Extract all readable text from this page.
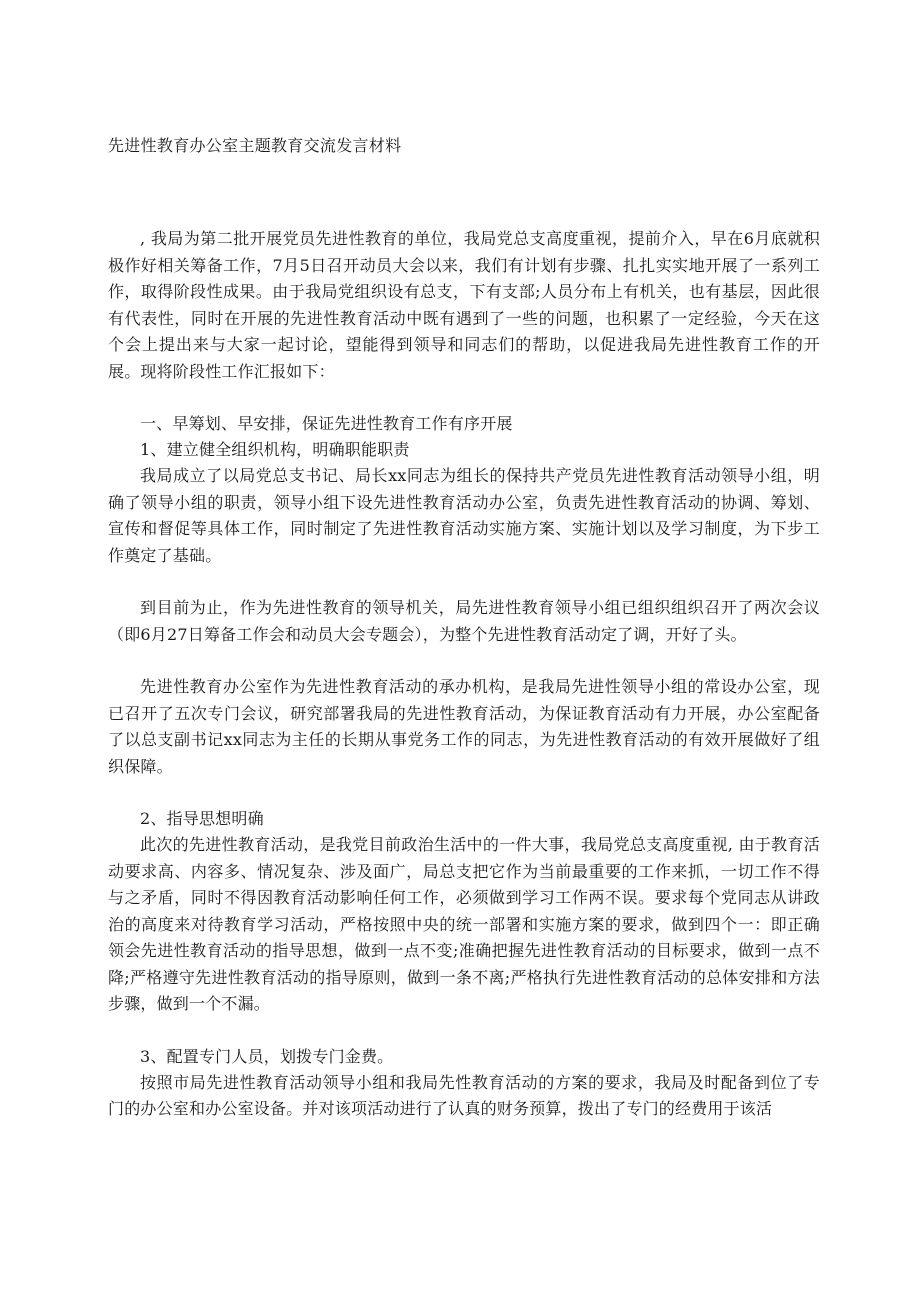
先进性教育办公室主题教育交流发言材料

, 我局为第二批开展党员先进性教育的单位，我局党总支高度重视，提前介入，早在6月底就积极作好相关筹备工作，7月5日召开动员大会以来，我们有计划有步骤、扎扎实实地开展了一系列工作，取得阶段性成果。由于我局党组织设有总支，下有支部;人员分布上有机关，也有基层，因此很有代表性，同时在开展的先进性教育活动中既有遇到了一些的问题，也积累了一定经验，今天在这个会上提出来与大家一起讨论，望能得到领导和同志们的帮助，以促进我局先进性教育工作的开展。现将阶段性工作汇报如下：

一、早筹划、早安排，保证先进性教育工作有序开展

1、建立健全组织机构，明确职能职责

我局成立了以局党总支书记、局长xx同志为组长的保持共产党员先进性教育活动领导小组，明确了领导小组的职责，领导小组下设先进性教育活动办公室，负责先进性教育活动的协调、筹划、宣传和督促等具体工作，同时制定了先进性教育活动实施方案、实施计划以及学习制度，为下步工作奠定了基础。

到目前为止，作为先进性教育的领导机关，局先进性教育领导小组已组织组织召开了两次会议（即6月27日筹备工作会和动员大会专题会），为整个先进性教育活动定了调，开好了头。

先进性教育办公室作为先进性教育活动的承办机构，是我局先进性领导小组的常设办公室，现已召开了五次专门会议，研究部署我局的先进性教育活动，为保证教育活动有力开展，办公室配备了以总支副书记xx同志为主任的长期从事党务工作的同志，为先进性教育活动的有效开展做好了组织保障。

2、指导思想明确

此次的先进性教育活动，是我党目前政治生活中的一件大事，我局党总支高度重视, 由于教育活动要求高、内容多、情况复杂、涉及面广，局总支把它作为当前最重要的工作来抓，一切工作不得与之矛盾，同时不得因教育活动影响任何工作，必须做到学习工作两不误。要求每个党同志从讲政治的高度来对待教育学习活动，严格按照中央的统一部署和实施方案的要求，做到四个一：即正确领会先进性教育活动的指导思想，做到一点不变;准确把握先进性教育活动的目标要求，做到一点不降;严格遵守先进性教育活动的指导原则，做到一条不离;严格执行先进性教育活动的总体安排和方法步骤，做到一个不漏。

3、配置专门人员，划拨专门金费。

按照市局先进性教育活动领导小组和我局先性教育活动的方案的要求，我局及时配备到位了专门的办公室和办公室设备。并对该项活动进行了认真的财务预算，拨出了专门的经费用于该活
